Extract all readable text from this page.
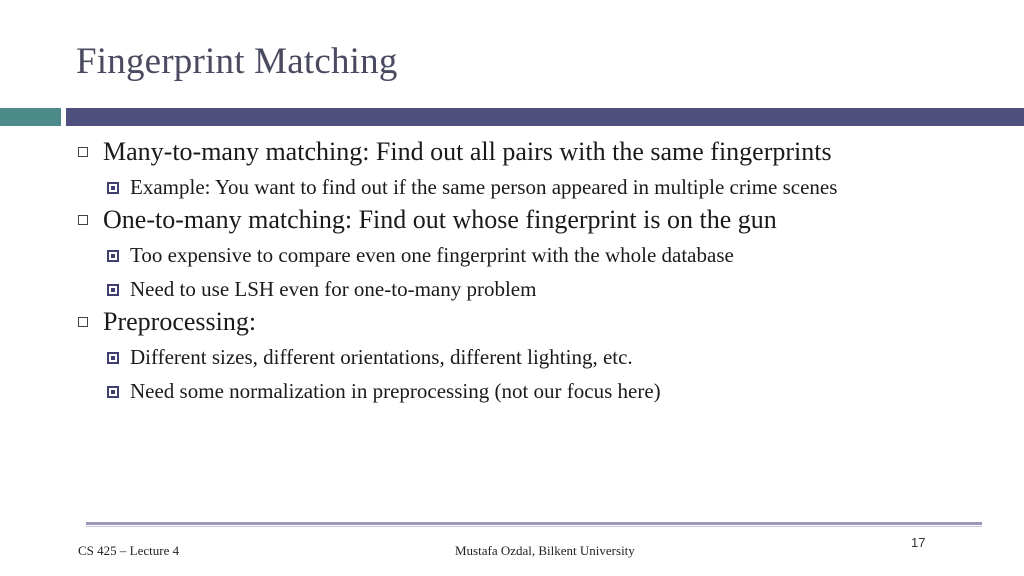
Fingerprint Matching
Many-to-many matching: Find out all pairs with the same fingerprints
Example: You want to find out if the same person appeared in multiple crime scenes
One-to-many matching: Find out whose fingerprint is on the gun
Too expensive to compare even one fingerprint with the whole database
Need to use LSH even for one-to-many problem
Preprocessing:
Different sizes, different orientations, different lighting, etc.
Need some normalization in preprocessing (not our focus here)
CS 425 – Lecture 4	Mustafa Ozdal, Bilkent University
17
